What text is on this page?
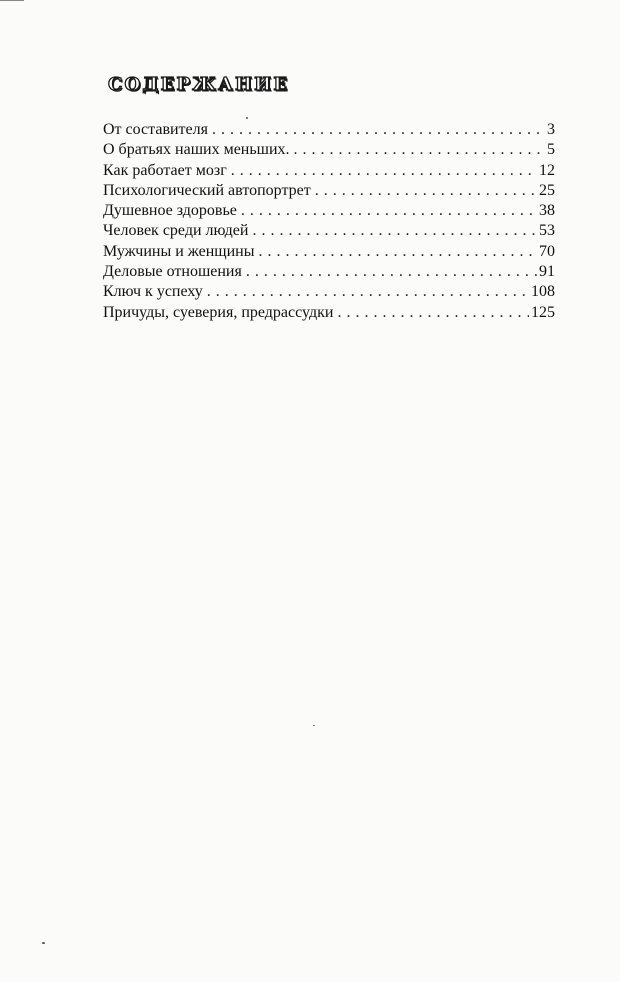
СОДЕРЖАНИЕ
От составителя . . .	3
О братьях наших меньших. . . .	5
Как работает мозг . . .	12
Психологический автопортрет . . .	25
Душевное здоровье . . .	38
Человек среди людей . . .	53
Мужчины и женщины . . .	70
Деловые отношения . . .	91
Ключ к успеху . . .	108
Причуды, суеверия, предрассудки . . .	125
